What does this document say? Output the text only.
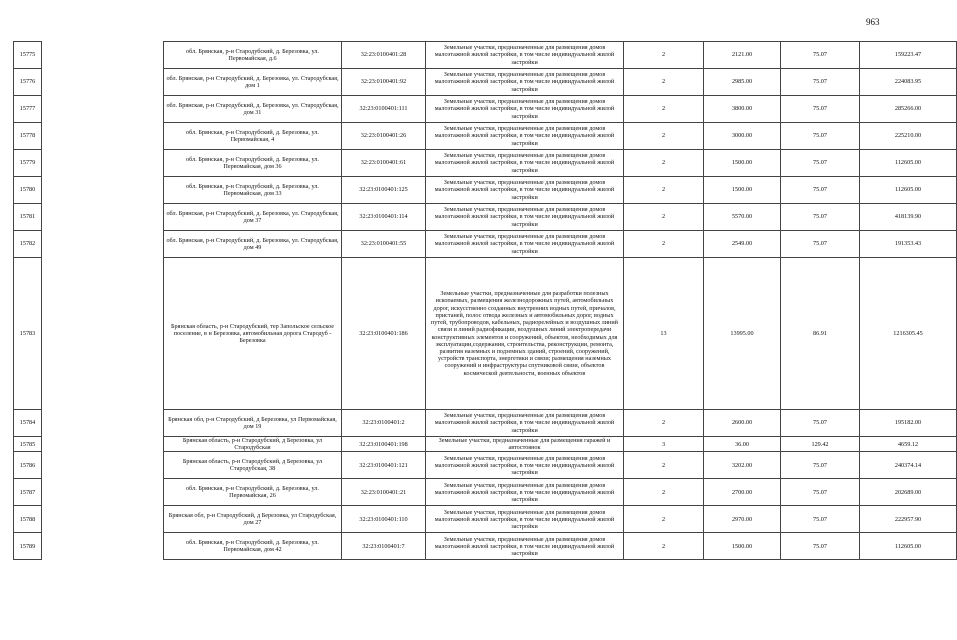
963
15775		обл. Брянская, р-н Стародубский, д. Березовка, ул. Первомайская, д.6	32:23:0100401:28	Земельные участки, предназначенные для размещения домов малоэтажной жилой застройки, в том числе индивидуальной жилой застройки	2	2121.00	75.07	159223.47
15776		обл. Брянская, р-н Стародубский, д. Березовка, ул. Стародубская, дом 1	32:23:0100401:92	Земельные участки, предназначенные для размещения домов малоэтажной жилой застройки, в том числе индивидуальной жилой застройки	2	2985.00	75.07	224083.95
15777		обл. Брянская, р-н Стародубский, д. Березовка, ул. Стародубская, дом 31	32:23:0100401:111	Земельные участки, предназначенные для размещения домов малоэтажной жилой застройки, в том числе индивидуальной жилой застройки	2	3800.00	75.07	285266.00
15778		обл. Брянская, р-н Стародубский, д. Березовка, ул. Первомайская, 4	32:23:0100401:26	Земельные участки, предназначенные для размещения домов малоэтажной жилой застройки, в том числе индивидуальной жилой застройки	2	3000.00	75.07	225210.00
15779		обл. Брянская, р-н Стародубский, д. Березовка, ул. Первомайская, дом 36	32:23:0100401:61	Земельные участки, предназначенные для размещения домов малоэтажной жилой застройки, в том числе индивидуальной жилой застройки	2	1500.00	75.07	112605.00
15780		обл. Брянская, р-н Стародубский, д. Березовка, ул. Первомайская, дом 33	32:23:0100401:125	Земельные участки, предназначенные для размещения домов малоэтажной жилой застройки, в том числе индивидуальной жилой застройки	2	1500.00	75.07	112605.00
15781		обл. Брянская, р-н Стародубский, д. Березовка, ул. Стародубская, дом 37	32:23:0100401:114	Земельные участки, предназначенные для размещения домов малоэтажной жилой застройки, в том числе индивидуальной жилой застройки	2	5570.00	75.07	418139.90
15782		обл. Брянская, р-н Стародубский, д. Березовка, ул. Стародубская, дом 49	32:23:0100401:55	Земельные участки, предназначенные для размещения домов малоэтажной жилой застройки, в том числе индивидуальной жилой застройки	2	2549.00	75.07	191353.43
15783		Брянская область, р-н Стародубский, тер Запольское сельское поселение, в н Березовка, автомобильная дорога Стародуб - Березовка	32:23:0100401:186	Земельные участки, предназначенные для разработки полезных ископаемых, размещения железнодорожных путей, автомобильных дорог, искусственно созданных внутренних водных путей, причалов, пристаней, полос отвода железных и автомобильных дорог, водных путей, трубопроводов, кабельных, радиорелейных и воздушных линий связи и линий радиофикации, воздушных линий электропередачи конструктивных элементов и сооружений, объектов, необходимых для эксплуатации,содержания, строительства, реконструкции, ремонта, развития наземных и подземных зданий, строений, сооружений, устройств транспорта, энергетики и связи; размещения наземных сооружений и инфраструктуры спутниковой связи, объектов космической деятельности, военных объектов	13	13995.00	86.91	1216305.45
15784		Брянская обл, р-н Стародубский, д Березовка, ул Первомайская, дом 19	32:23:0100401:2	Земельные участки, предназначенные для размещения домов малоэтажной жилой застройки, в том числе индивидуальной жилой застройки	2	2600.00	75.07	195182.00
15785		Брянская область, р-н Стародубский, д Березовка, ул Стародубская	32:23:0100401:198	Земельные участки, предназначенные для размещения гаражей и автостоянок	3	36.00	129.42	4659.12
15786		Брянская область, р-н Стародубский, д Березовка, ул Стародубская, 38	32:23:0100401:121	Земельные участки, предназначенные для размещения домов малоэтажной жилой застройки, в том числе индивидуальной жилой застройки	2	3202.00	75.07	240374.14
15787		обл. Брянская, р-н Стародубский, д. Березовка, ул. Первомайская, 26	32:23:0100401:21	Земельные участки, предназначенные для размещения домов малоэтажной жилой застройки, в том числе индивидуальной жилой застройки	2	2700.00	75.07	202689.00
15788		Брянская обл, р-н Стародубский, д Березовка, ул Стародубская, дом 27	32:23:0100401:110	Земельные участки, предназначенные для размещения домов малоэтажной жилой застройки, в том числе индивидуальной жилой застройки	2	2970.00	75.07	222957.90
15789		обл. Брянская, р-н Стародубский, д. Березовка, ул. Первомайская, дом 42	32:23:0100401:7	Земельные участки, предназначенные для размещения домов малоэтажной жилой застройки, в том числе индивидуальной жилой застройки	2	1500.00	75.07	112605.00
